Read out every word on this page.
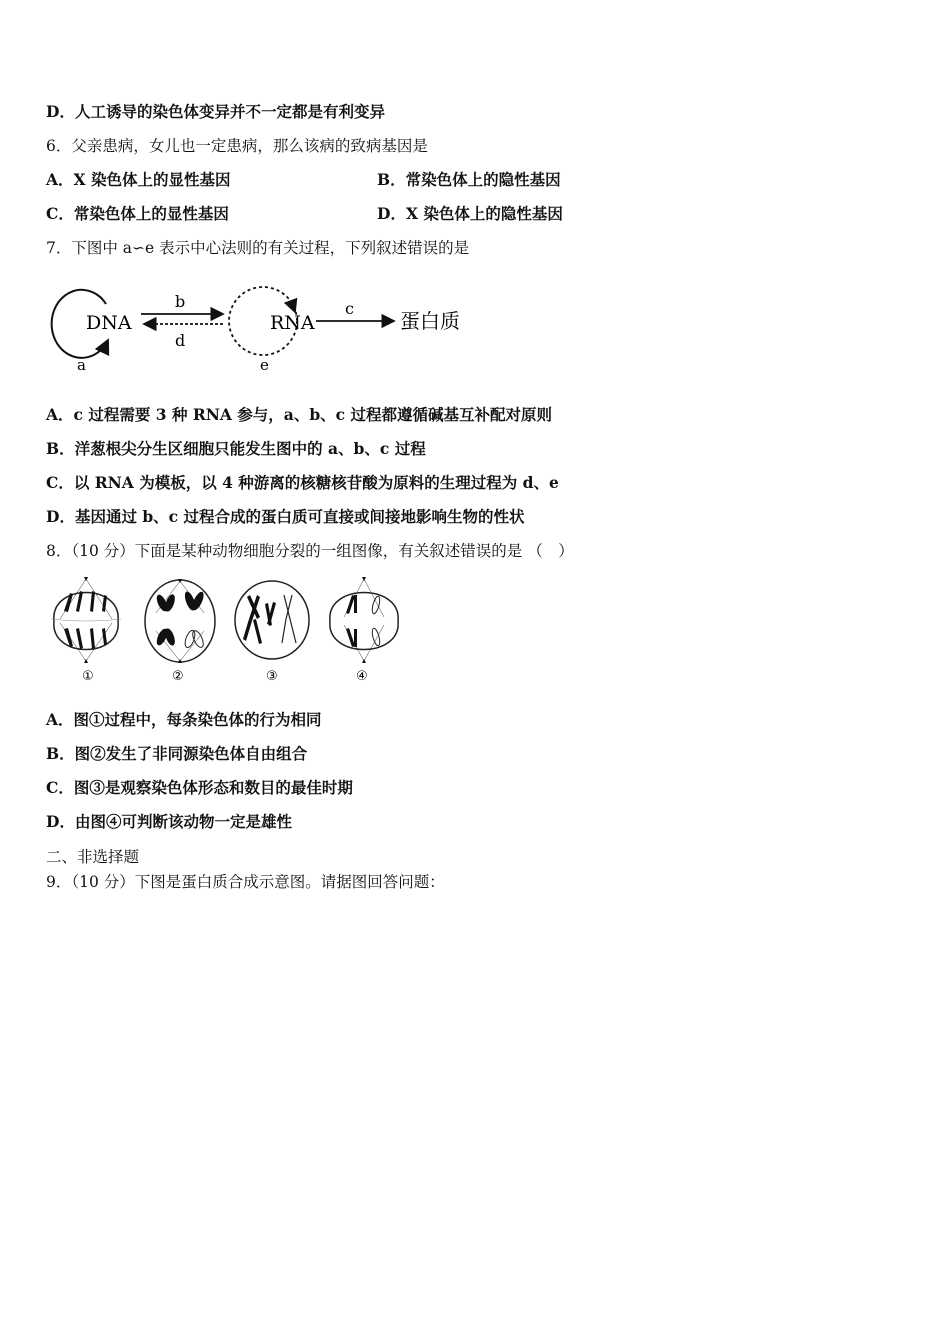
D．人工诱导的染色体变异并不一定都是有利变异
6．父亲患病，女儿也一定患病，那么该病的致病基因是
A．X 染色体上的显性基因	B．常染色体上的隐性基因
C．常染色体上的显性基因	D．X 染色体上的隐性基因
7．下图中 a∽e 表示中心法则的有关过程，下列叙述错误的是
DNA
a
b
d
RNA
e
c
蛋白质
A．c 过程需要 3 种 RNA 参与，a、b、c 过程都遵循碱基互补配对原则
B．洋葱根尖分生区细胞只能发生图中的 a、b、c 过程
C．以 RNA 为模板，以 4 种游离的核糖核苷酸为原料的生理过程为 d、e
D．基因通过 b、c 过程合成的蛋白质可直接或间接地影响生物的性状
8．（10 分）下面是某种动物细胞分裂的一组图像，有关叙述错误的是 （　）
①	②	③	④
A．图①过程中，每条染色体的行为相同
B．图②发生了非同源染色体自由组合
C．图③是观察染色体形态和数目的最佳时期
D．由图④可判断该动物一定是雄性
二、非选择题
9．（10 分）下图是蛋白质合成示意图。请据图回答问题：
